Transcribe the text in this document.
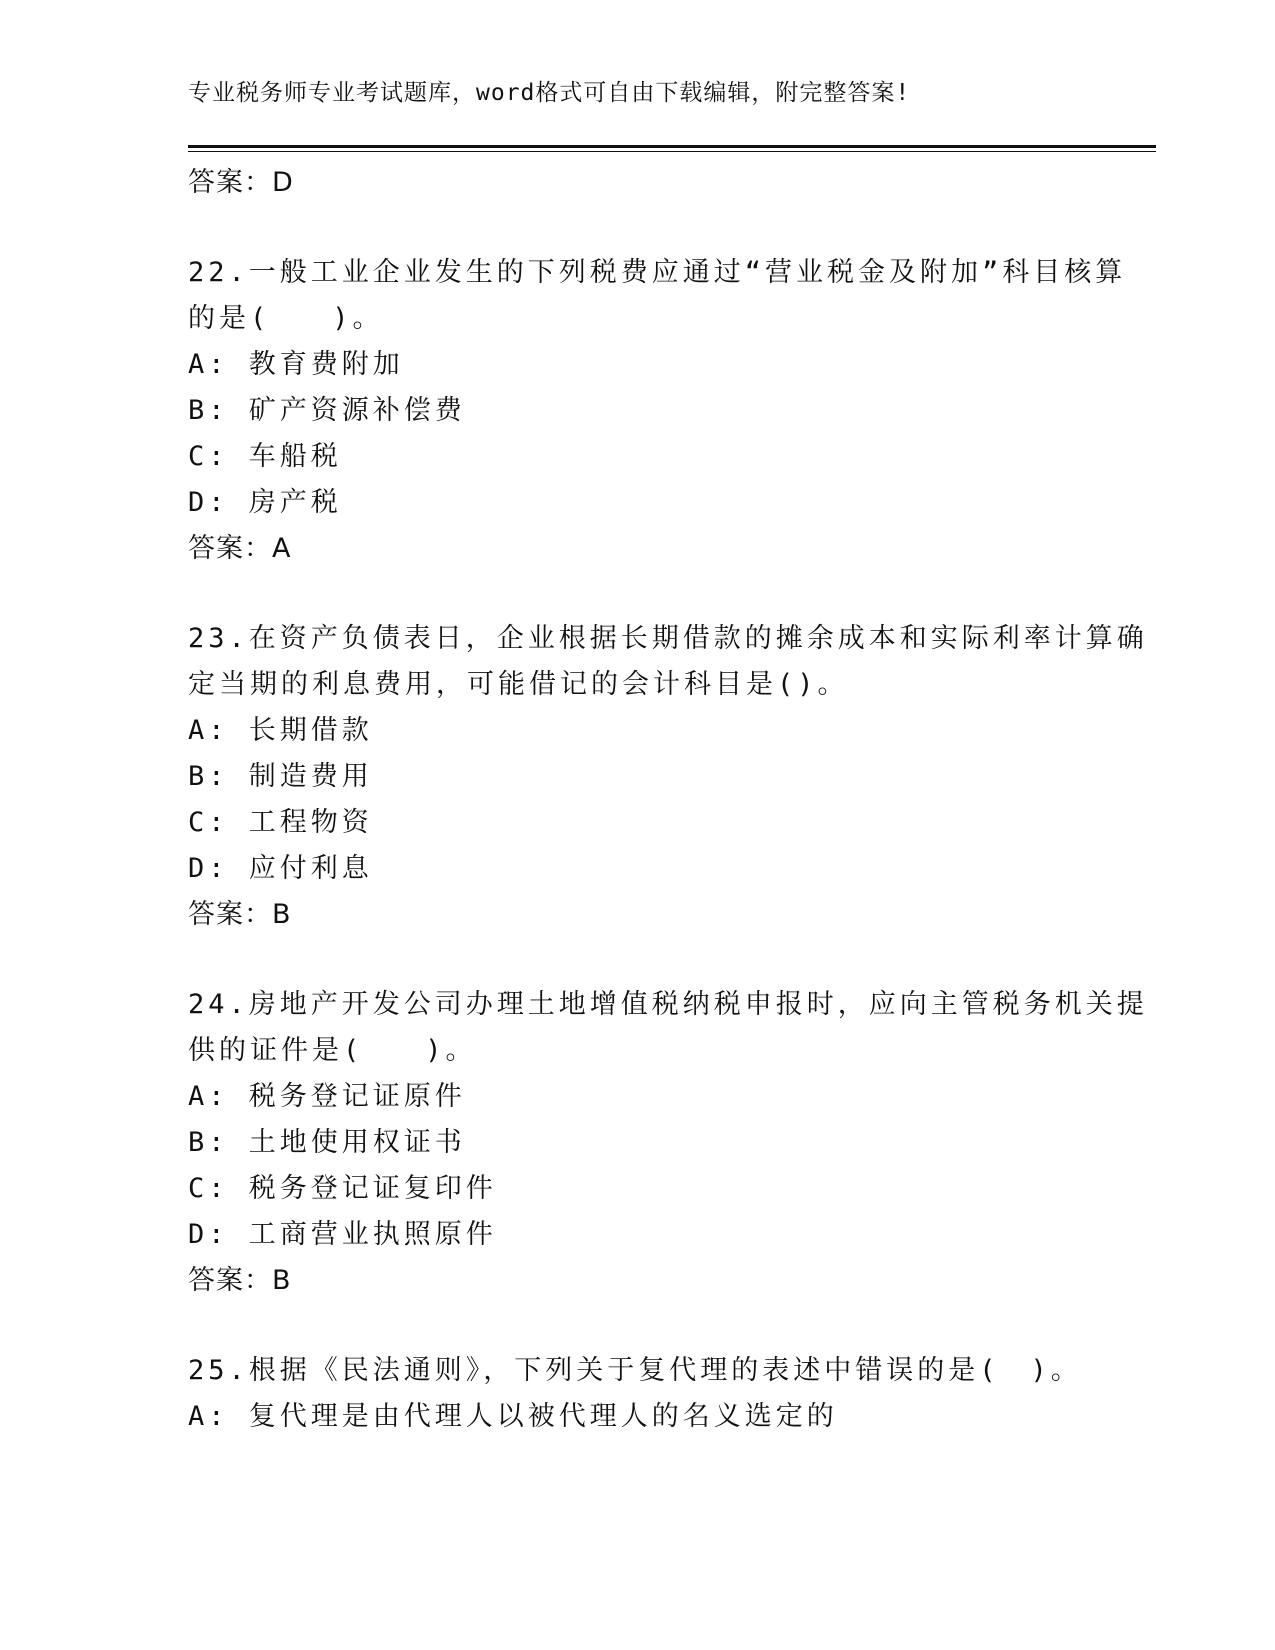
专业税务师专业考试题库，word格式可自由下载编辑，附完整答案!
答案：D
22.一般工业企业发生的下列税费应通过“营业税金及附加”科目核算
的是(　　)。
A: 教育费附加
B: 矿产资源补偿费
C: 车船税
D: 房产税
答案：A
23.在资产负债表日，企业根据长期借款的摊余成本和实际利率计算确
定当期的利息费用，可能借记的会计科目是()。
A: 长期借款
B: 制造费用
C: 工程物资
D: 应付利息
答案：B
24.房地产开发公司办理土地增值税纳税申报时，应向主管税务机关提
供的证件是(　　)。
A: 税务登记证原件
B: 土地使用权证书
C: 税务登记证复印件
D: 工商营业执照原件
答案：B
25.根据《民法通则》，下列关于复代理的表述中错误的是(　)。
A: 复代理是由代理人以被代理人的名义选定的
